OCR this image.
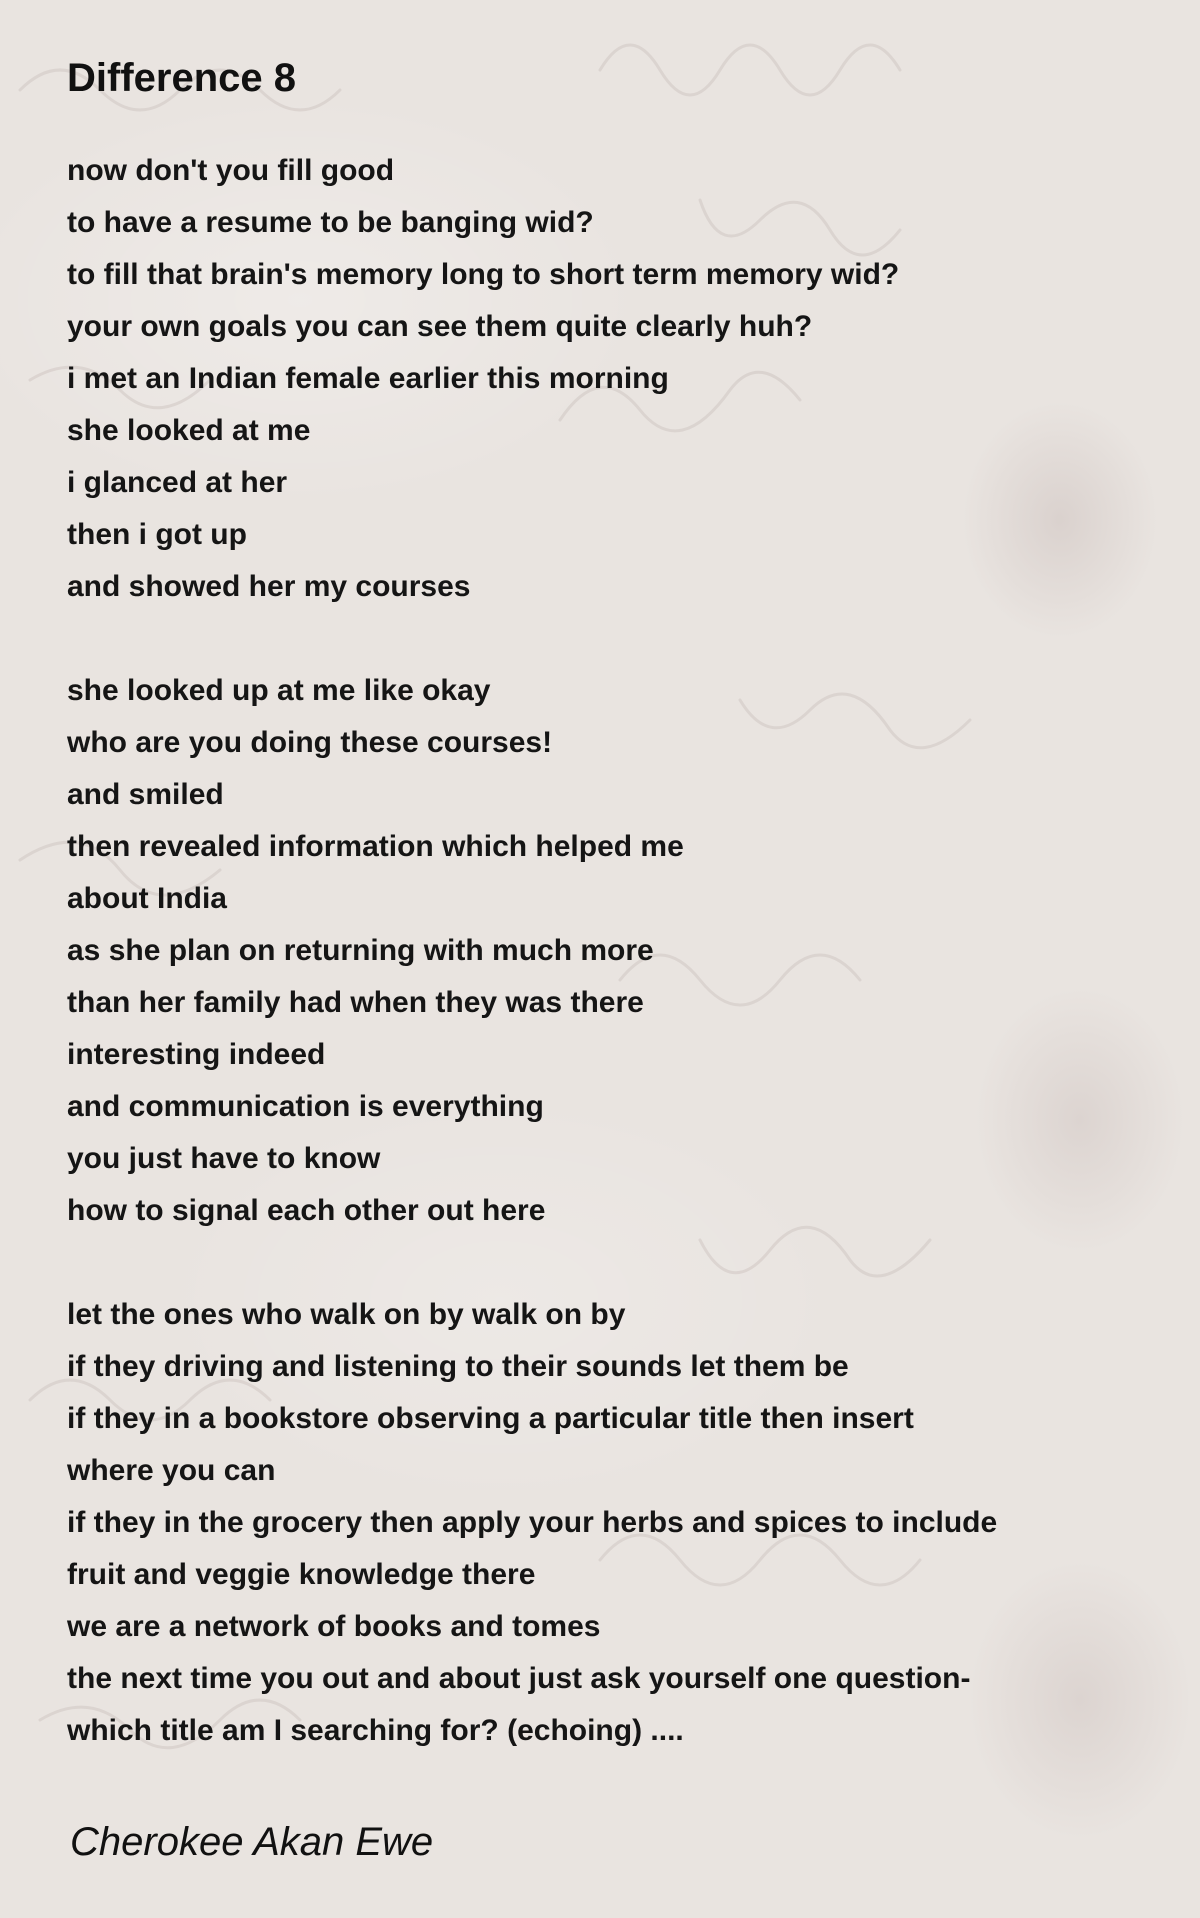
Difference 8
now don't you fill good
to have a resume to be banging wid?
to fill that brain's memory long to short term memory wid?
your own goals you can see them quite clearly huh?
i met an Indian female earlier this morning
she looked at me
i glanced at her
then i got up
and showed her my courses
she looked up at me like okay
who are you doing these courses!
and smiled
then revealed information which helped me
about India
as she plan on returning with much more
than her family had when they was there
interesting indeed
and communication is everything
you just have to know
how to signal each other out here
let the ones who walk on by walk on by
if they driving and listening to their sounds let them be
if they in a bookstore observing a particular title then insert
where you can
if they in the grocery then apply your herbs and spices to include
fruit and veggie knowledge there
we are a network of books and tomes
the next time you out and about just ask yourself one question-
which title am I searching for? (echoing) ....
Cherokee Akan Ewe
